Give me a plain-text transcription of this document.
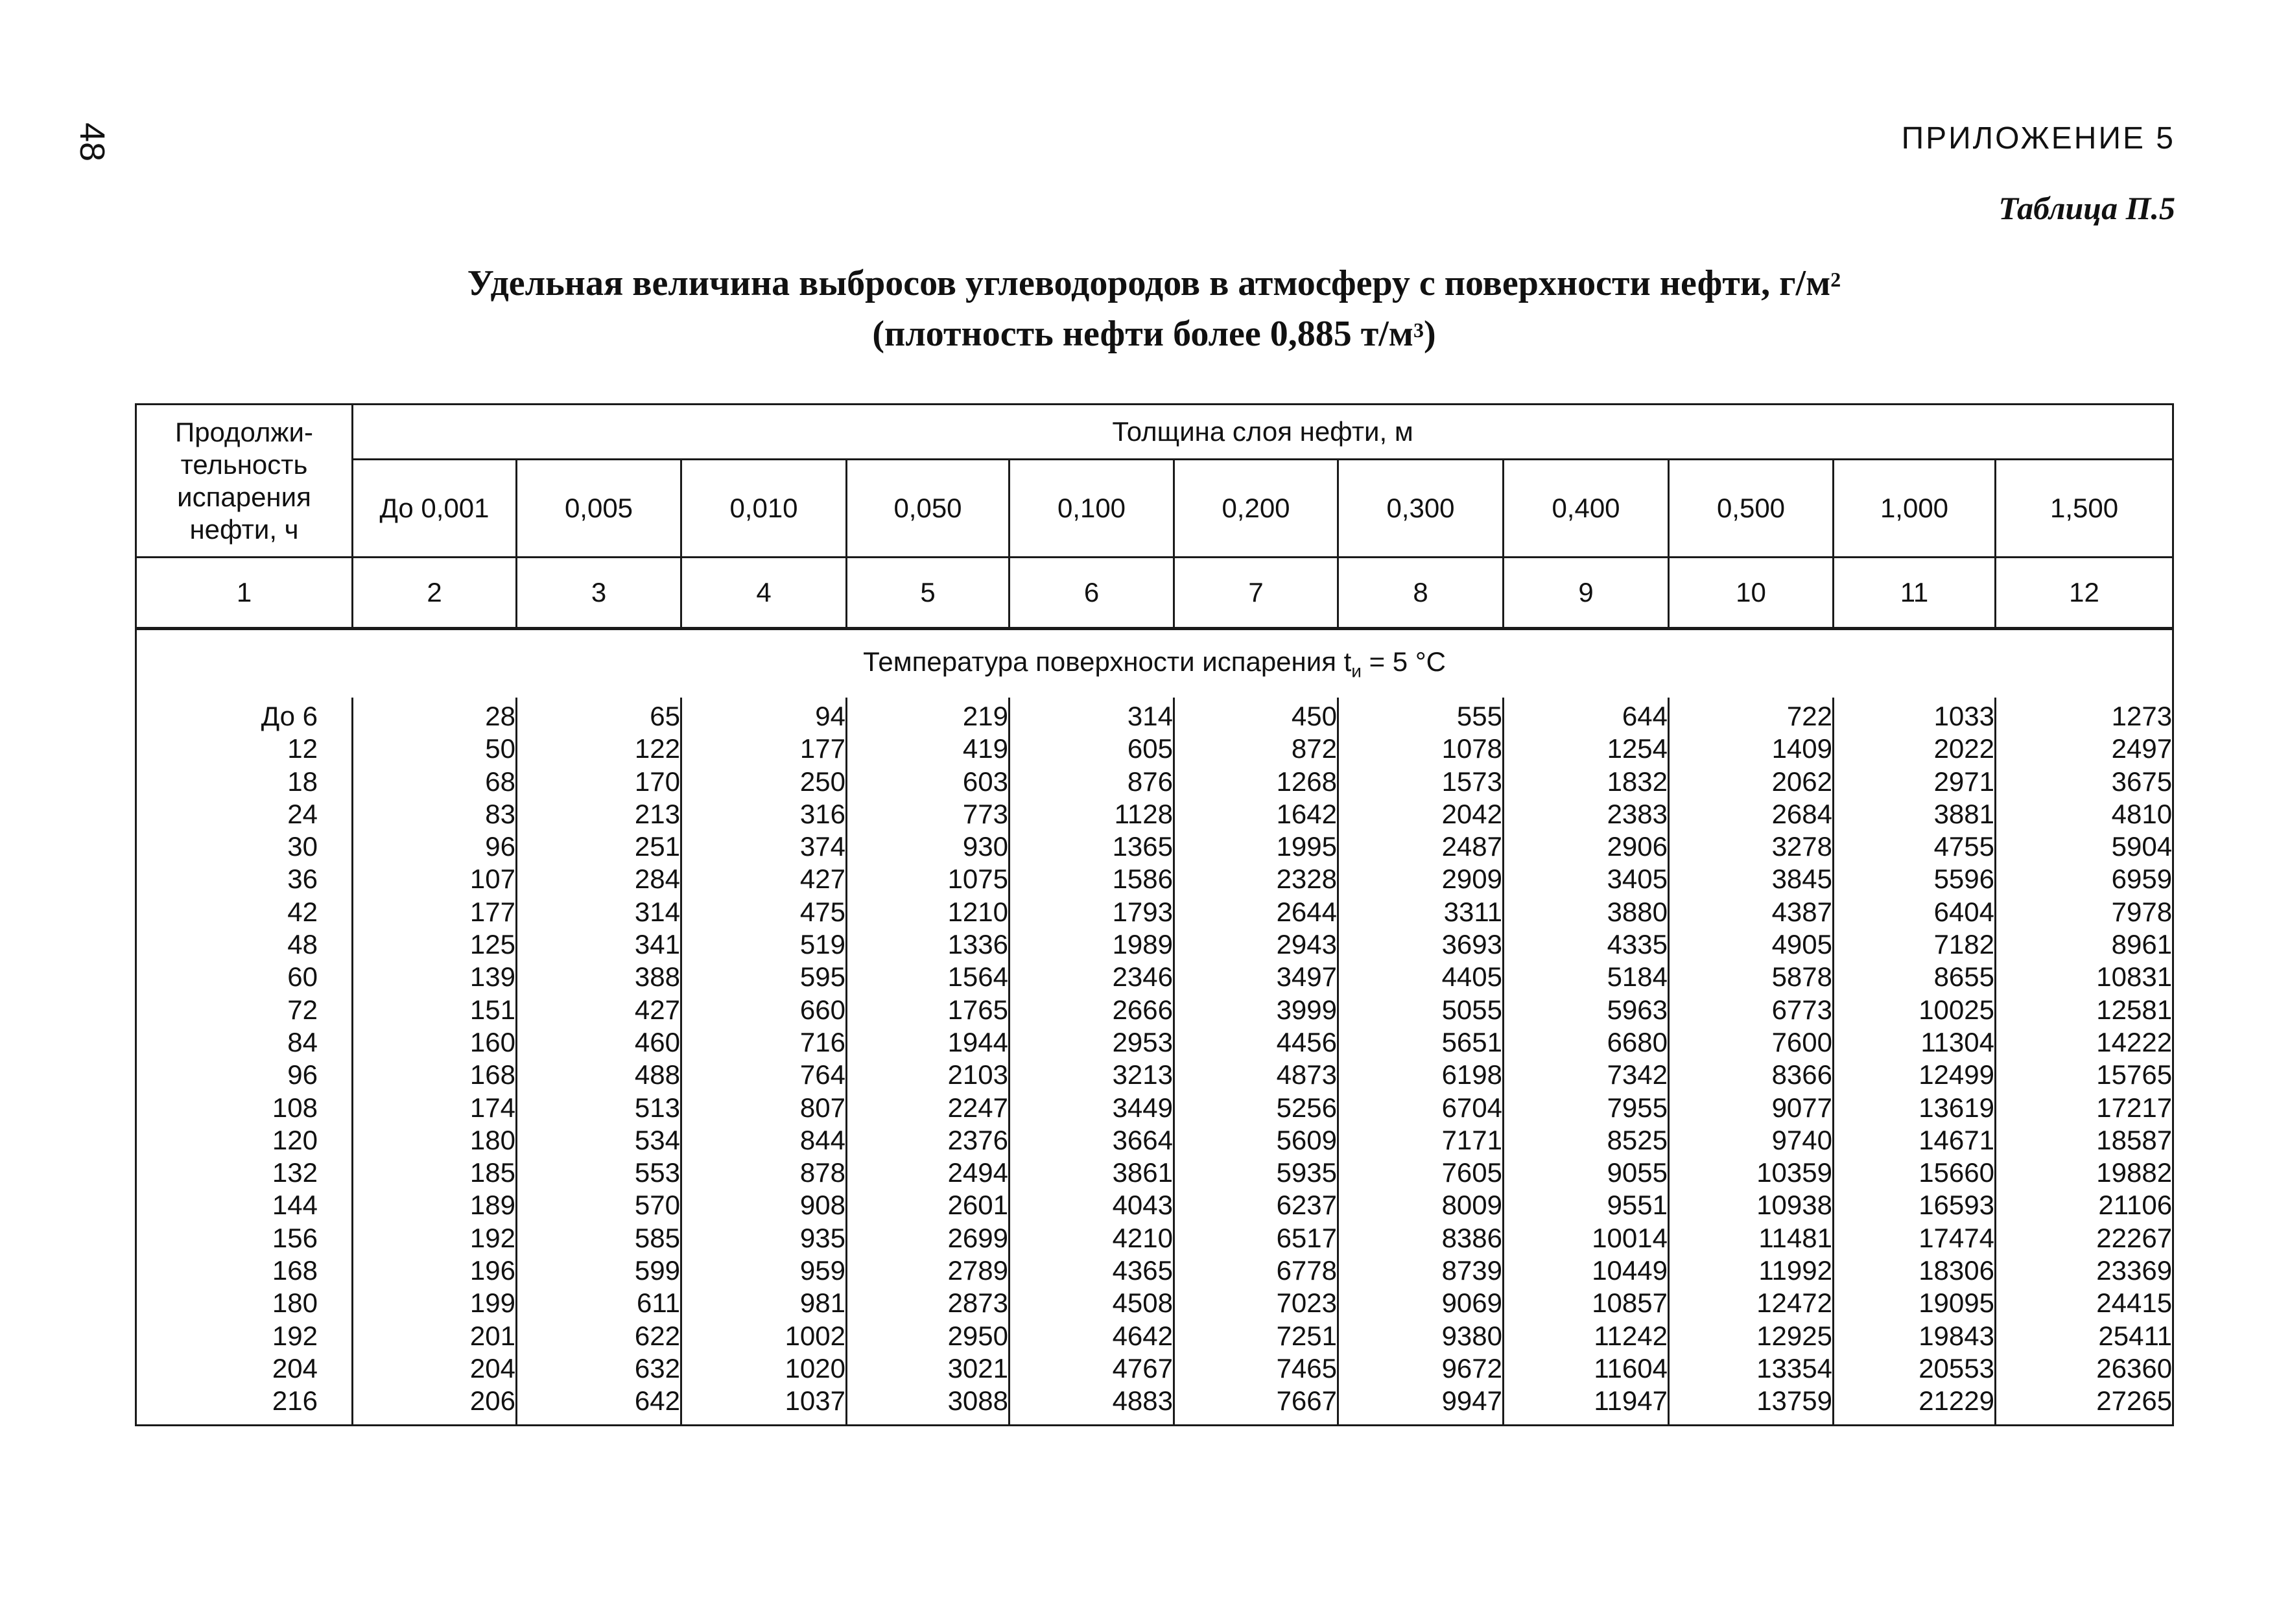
48	ПРИЛОЖЕНИЕ 5
Таблица П.5
Удельная величина выбросов углеводородов в атмосферу с поверхности нефти, $г/м^2$
(плотность нефти более 0,885 $т/м^3$)
Продолжи-тельность испарения нефти, ч	Толщина слоя нефти, м										
	До 0,001	0,005	0,010	0,050	0,100	0,200	0,300	0,400	0,500	1,000	1,500
1	2	3	4	5	6	7	8	9	10	11	12
Температура поверхности испарения $t_и = 5$ °С											
До 6	28	65	94	219	314	450	555	644	722	1033	1273
12	50	122	177	419	605	872	1078	1254	1409	2022	2497
18	68	170	250	603	876	1268	1573	1832	2062	2971	3675
24	83	213	316	773	1128	1642	2042	2383	2684	3881	4810
30	96	251	374	930	1365	1995	2487	2906	3278	4755	5904
36	107	284	427	1075	1586	2328	2909	3405	3845	5596	6959
42	177	314	475	1210	1793	2644	3311	3880	4387	6404	7978
48	125	341	519	1336	1989	2943	3693	4335	4905	7182	8961
60	139	388	595	1564	2346	3497	4405	5184	5878	8655	10831
72	151	427	660	1765	2666	3999	5055	5963	6773	10025	12581
84	160	460	716	1944	2953	4456	5651	6680	7600	11304	14222
96	168	488	764	2103	3213	4873	6198	7342	8366	12499	15765
108	174	513	807	2247	3449	5256	6704	7955	9077	13619	17217
120	180	534	844	2376	3664	5609	7171	8525	9740	14671	18587
132	185	553	878	2494	3861	5935	7605	9055	10359	15660	19882
144	189	570	908	2601	4043	6237	8009	9551	10938	16593	21106
156	192	585	935	2699	4210	6517	8386	10014	11481	17474	22267
168	196	599	959	2789	4365	6778	8739	10449	11992	18306	23369
180	199	611	981	2873	4508	7023	9069	10857	12472	19095	24415
192	201	622	1002	2950	4642	7251	9380	11242	12925	19843	25411
204	204	632	1020	3021	4767	7465	9672	11604	13354	20553	26360
216	206	642	1037	3088	4883	7667	9947	11947	13759	21229	27265
